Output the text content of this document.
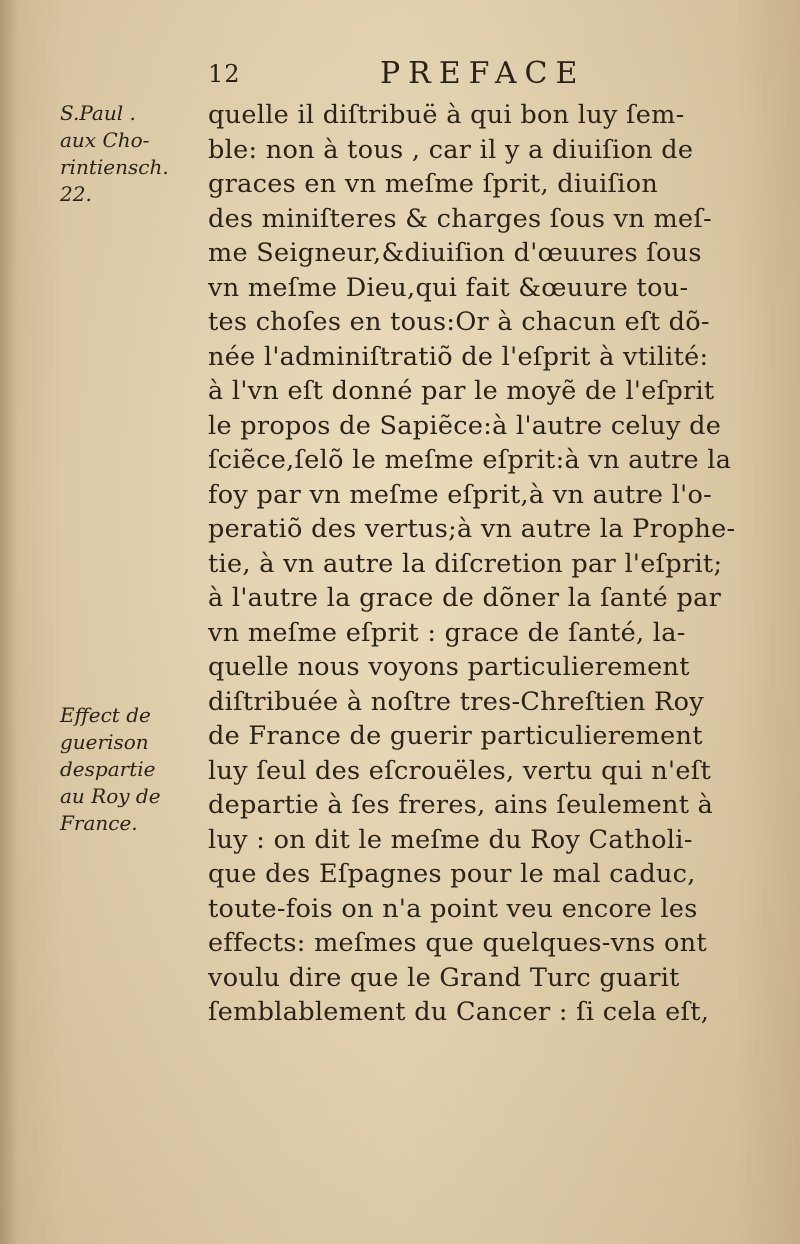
12	PREFACE
S.Paul .
aux Cho-
rintiensch.
22.
Effect de
guerison
despartie
au Roy de
France.
quelle il diſtribuë à qui bon luy ſem-
ble: non à tous , car il y a diuiſion de
graces en vn meſme ſprit, diuiſion
des miniſteres & charges ſous vn meſ-
me Seigneur,&diuiſion d'œuures ſous
vn meſme Dieu,qui fait &œuure tou-
tes choſes en tous:Or à chacun eſt dõ-
née l'adminiſtratiõ de l'eſprit à vtilité:
à l'vn eſt donné par le moyẽ de l'eſprit
le propos de Sapiẽce:à l'autre celuy de
ſciẽce,ſelõ le meſme eſprit:à vn autre la
foy par vn meſme eſprit,à vn autre l'o-
peratiõ des vertus;à vn autre la Prophe-
tie, à vn autre la diſcretion par l'eſprit;
à l'autre la grace de dõner la ſanté par
vn meſme eſprit : grace de ſanté, la-
quelle nous voyons particulierement
diſtribuée à noſtre tres-Chreſtien Roy
de France de guerir particulierement
luy ſeul des eſcrouëles, vertu qui n'eſt
departie à ſes freres, ains ſeulement à
luy : on dit le meſme du Roy Catholi-
que des Eſpagnes pour le mal caduc,
toute-fois on n'a point veu encore les
effects: meſmes que quelques-vns ont
voulu dire que le Grand Turc guarit
ſemblablement du Cancer : ſi cela eſt,
